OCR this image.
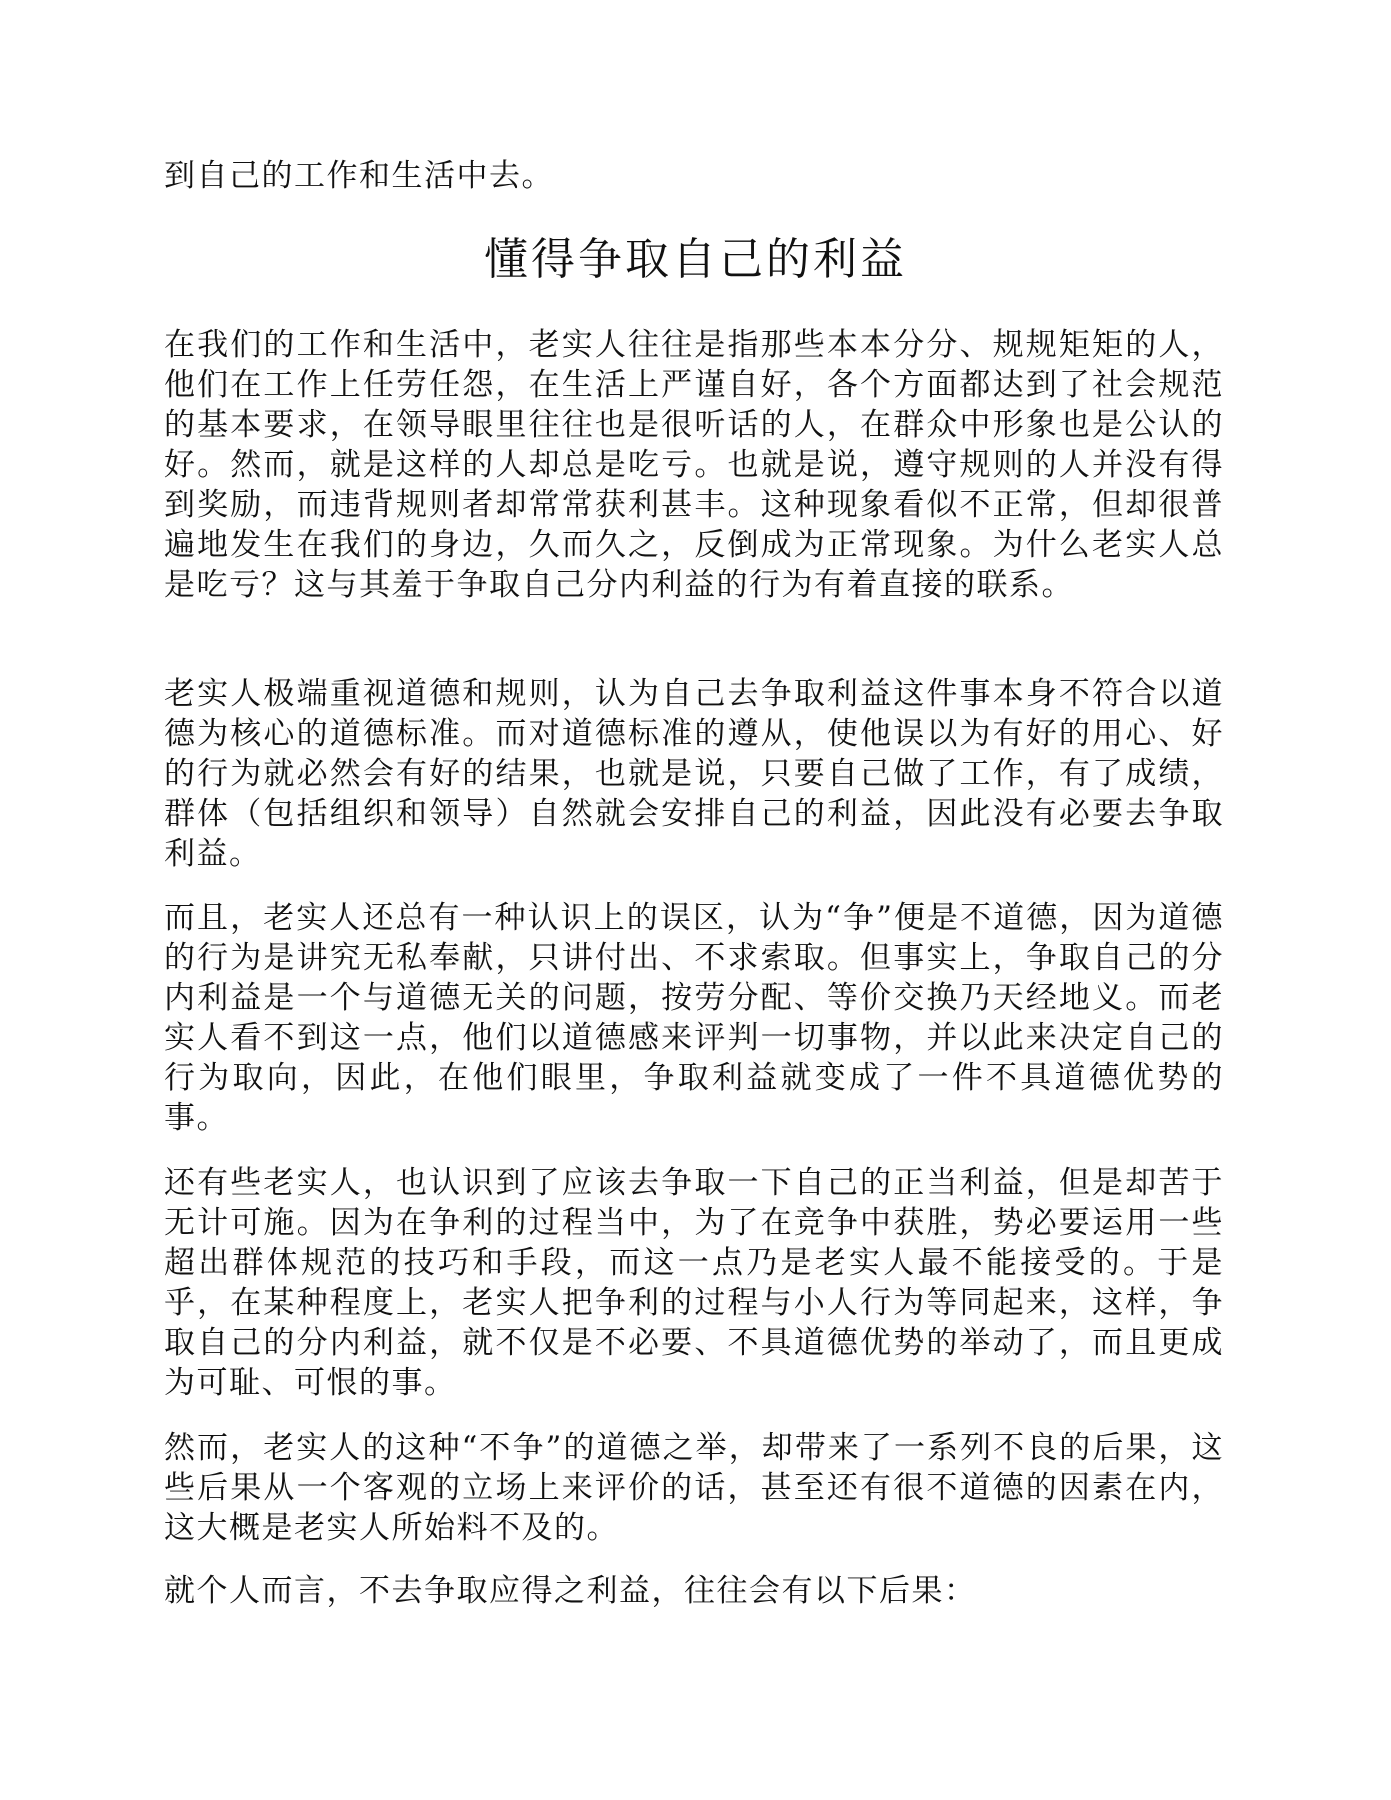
到自己的工作和生活中去。
懂得争取自己的利益
在我们的工作和生活中，老实人往往是指那些本本分分、规规矩矩的人，他们在工作上任劳任怨，在生活上严谨自好，各个方面都达到了社会规范的基本要求，在领导眼里往往也是很听话的人，在群众中形象也是公认的好。然而，就是这样的人却总是吃亏。也就是说，遵守规则的人并没有得到奖励，而违背规则者却常常获利甚丰。这种现象看似不正常，但却很普遍地发生在我们的身边，久而久之，反倒成为正常现象。为什么老实人总是吃亏？这与其羞于争取自己分内利益的行为有着直接的联系。
老实人极端重视道德和规则，认为自己去争取利益这件事本身不符合以道德为核心的道德标准。而对道德标准的遵从，使他误以为有好的用心、好的行为就必然会有好的结果，也就是说，只要自己做了工作，有了成绩，群体（包括组织和领导）自然就会安排自己的利益，因此没有必要去争取利益。
而且，老实人还总有一种认识上的误区，认为“争”便是不道德，因为道德的行为是讲究无私奉献，只讲付出、不求索取。但事实上，争取自己的分内利益是一个与道德无关的问题，按劳分配、等价交换乃天经地义。而老实人看不到这一点，他们以道德感来评判一切事物，并以此来决定自己的行为取向，因此，在他们眼里，争取利益就变成了一件不具道德优势的事。
还有些老实人，也认识到了应该去争取一下自己的正当利益，但是却苦于无计可施。因为在争利的过程当中，为了在竞争中获胜，势必要运用一些超出群体规范的技巧和手段，而这一点乃是老实人最不能接受的。于是乎，在某种程度上，老实人把争利的过程与小人行为等同起来，这样，争取自己的分内利益，就不仅是不必要、不具道德优势的举动了，而且更成为可耻、可恨的事。
然而，老实人的这种“不争”的道德之举，却带来了一系列不良的后果，这些后果从一个客观的立场上来评价的话，甚至还有很不道德的因素在内，这大概是老实人所始料不及的。
就个人而言，不去争取应得之利益，往往会有以下后果：
